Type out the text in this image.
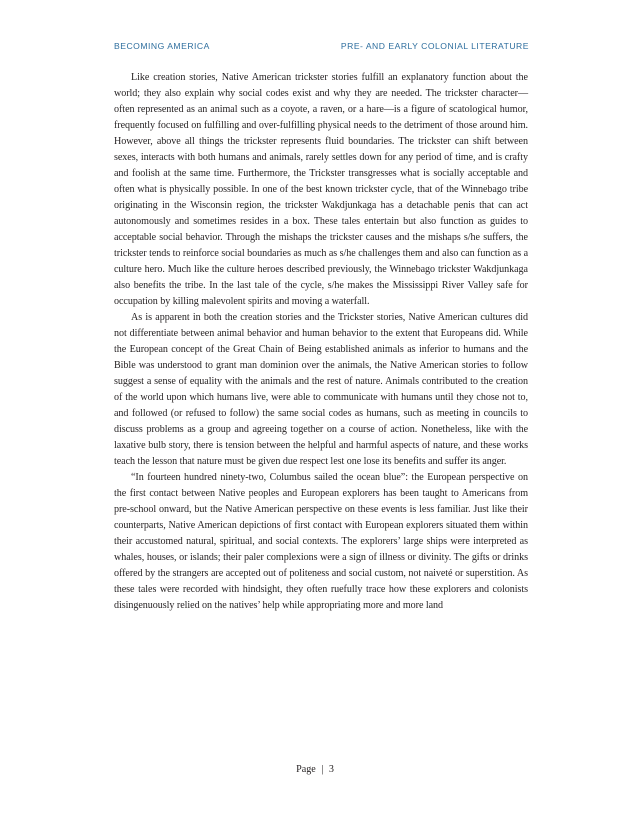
BECOMING AMERICA	PRE- AND EARLY COLONIAL LITERATURE

Like creation stories, Native American trickster stories fulfill an explanatory function about the world; they also explain why social codes exist and why they are needed. The trickster character—often represented as an animal such as a coyote, a raven, or a hare—is a figure of scatological humor, frequently focused on fulfilling and over-fulfilling physical needs to the detriment of those around him. However, above all things the trickster represents fluid boundaries. The trickster can shift between sexes, interacts with both humans and animals, rarely settles down for any period of time, and is crafty and foolish at the same time. Furthermore, the Trickster transgresses what is socially acceptable and often what is physically possible. In one of the best known trickster cycle, that of the Winnebago tribe originating in the Wisconsin region, the trickster Wakdjunkaga has a detachable penis that can act autonomously and sometimes resides in a box. These tales entertain but also function as guides to acceptable social behavior. Through the mishaps the trickster causes and the mishaps s/he suffers, the trickster tends to reinforce social boundaries as much as s/he challenges them and also can function as a culture hero. Much like the culture heroes described previously, the Winnebago trickster Wakdjunkaga also benefits the tribe. In the last tale of the cycle, s/he makes the Mississippi River Valley safe for occupation by killing malevolent spirits and moving a waterfall.

As is apparent in both the creation stories and the Trickster stories, Native American cultures did not differentiate between animal behavior and human behavior to the extent that Europeans did. While the European concept of the Great Chain of Being established animals as inferior to humans and the Bible was understood to grant man dominion over the animals, the Native American stories to follow suggest a sense of equality with the animals and the rest of nature. Animals contributed to the creation of the world upon which humans live, were able to communicate with humans until they chose not to, and followed (or refused to follow) the same social codes as humans, such as meeting in councils to discuss problems as a group and agreeing together on a course of action. Nonetheless, like with the laxative bulb story, there is tension between the helpful and harmful aspects of nature, and these works teach the lesson that nature must be given due respect lest one lose its benefits and suffer its anger.

“In fourteen hundred ninety-two, Columbus sailed the ocean blue”: the European perspective on the first contact between Native peoples and European explorers has been taught to Americans from pre-school onward, but the Native American perspective on these events is less familiar. Just like their counterparts, Native American depictions of first contact with European explorers situated them within their accustomed natural, spiritual, and social contexts. The explorers’ large ships were interpreted as whales, houses, or islands; their paler complexions were a sign of illness or divinity. The gifts or drinks offered by the strangers are accepted out of politeness and social custom, not naiveté or superstition. As these tales were recorded with hindsight, they often ruefully trace how these explorers and colonists disingenuously relied on the natives’ help while appropriating more and more land

Page | 3
